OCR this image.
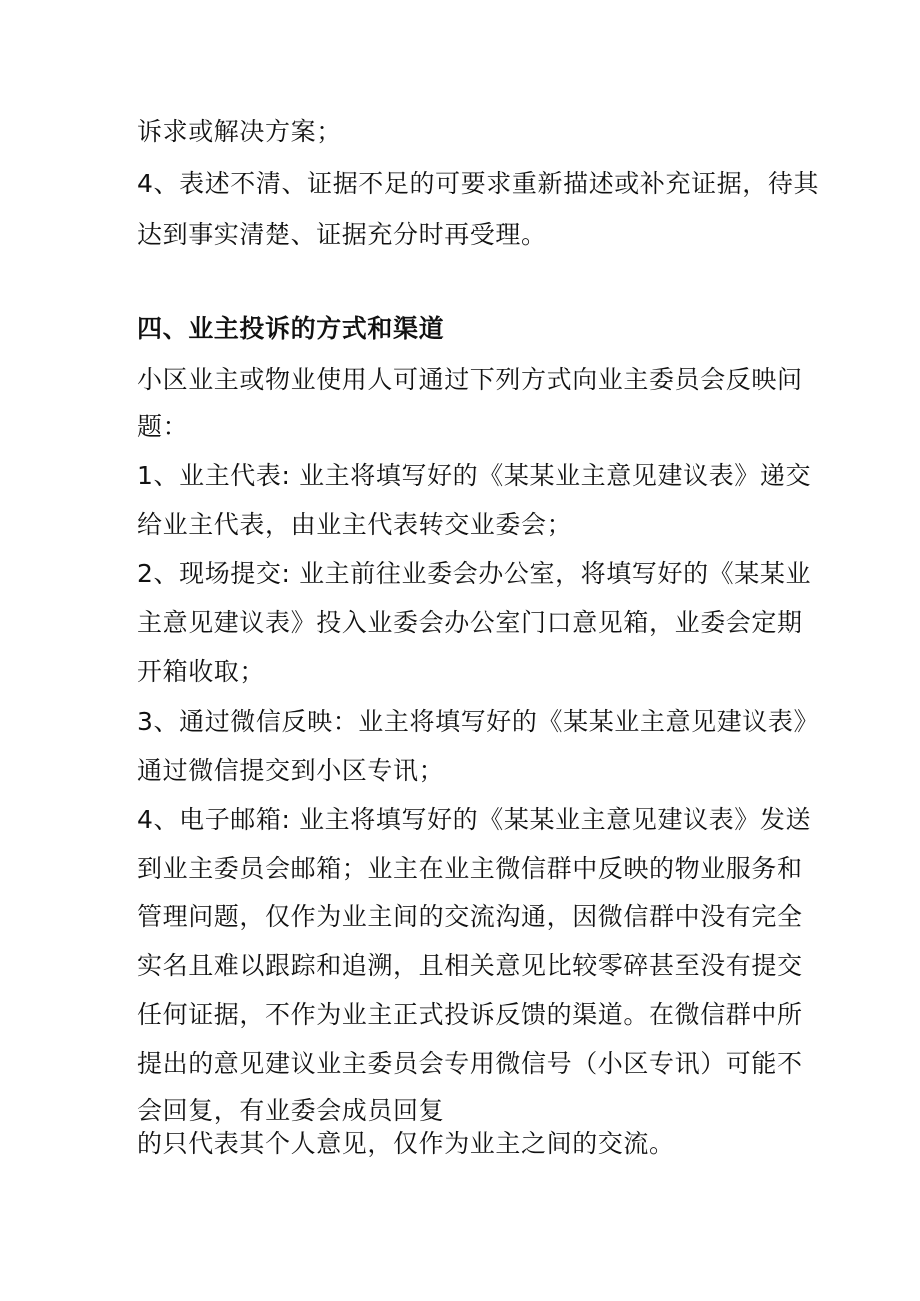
诉求或解决方案；
4、表述不清、证据不足的可要求重新描述或补充证据，待其
达到事实清楚、证据充分时再受理。
四、业主投诉的方式和渠道
小区业主或物业使用人可通过下列方式向业主委员会反映问
题：
1、业主代表: 业主将填写好的《某某业主意见建议表》递交
给业主代表，由业主代表转交业委会；
2、现场提交: 业主前往业委会办公室，将填写好的《某某业
主意见建议表》投入业委会办公室门口意见箱，业委会定期
开箱收取；
3、通过微信反映：业主将填写好的《某某业主意见建议表》
通过微信提交到小区专讯；
4、电子邮箱: 业主将填写好的《某某业主意见建议表》发送
到业主委员会邮箱；业主在业主微信群中反映的物业服务和
管理问题，仅作为业主间的交流沟通，因微信群中没有完全
实名且难以跟踪和追溯，且相关意见比较零碎甚至没有提交
任何证据，不作为业主正式投诉反馈的渠道。在微信群中所
提出的意见建议业主委员会专用微信号（小区专讯）可能不
会回复，有业委会成员回复
的只代表其个人意见，仅作为业主之间的交流。
